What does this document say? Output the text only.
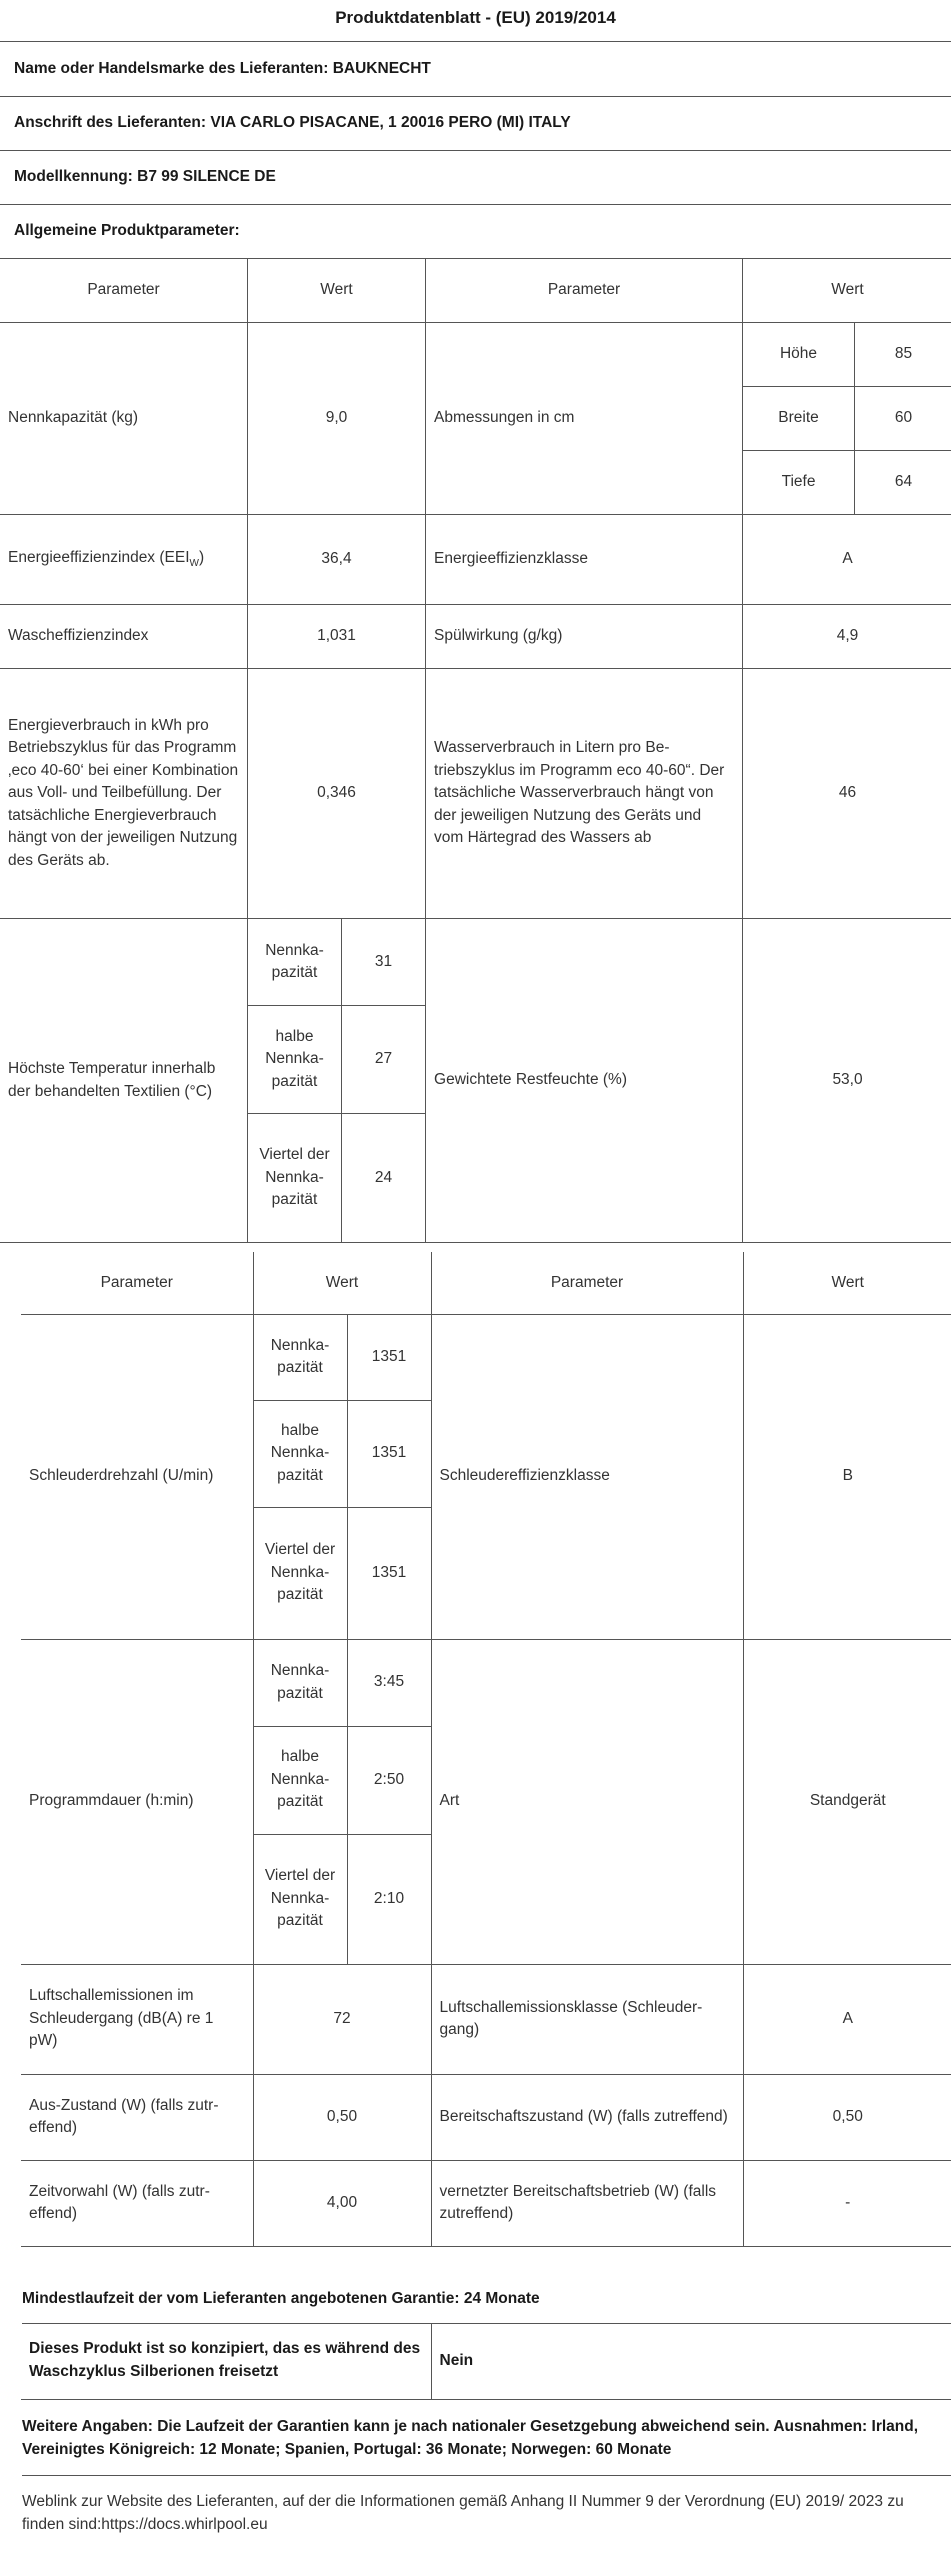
Produktdatenblatt - (EU) 2019/2014
Name oder Handelsmarke des Lieferanten: BAUKNECHT
Anschrift des Lieferanten: VIA CARLO PISACANE, 1 20016 PERO (MI) ITALY
Modellkennung: B7 99 SILENCE DE
Allgemeine Produktparameter:
Parameter	Wert		Parameter	Wert	
Nennkapazität (kg)	9,0		Abmessungen in cm	Höhe	85
				Breite	60
				Tiefe	64
Energieeffizienzindex $(EEI_W)$	36,4		Energieeffizienzklasse	A	
Wascheffizienzindex	1,031		Spülwirkung (g/kg)	4,9	
Energieverbrauch in kWh pro Betriebszyklus für das Programm ‚eco 40-60‘ bei einer Kombination aus Voll- und Teilbefüllung. Der tatsächliche Energieverbrauch hängt von der jeweiligen Nutzung des Geräts ab.	0,346		Wasserverbrauch in Litern pro Betriebszyklus im Programm eco 40-60“. Der tatsächliche Wasserverbrauch hängt von der jeweiligen Nutzung des Geräts und vom Härtegrad des Wassers ab	46	
Höchste Temperatur innerhalb der behandelten Textilien (°C)	Nennkapazität	31	Gewichtete Restfeuchte (%)	53,0	
	halbe Nennkapazität	27			
	Viertel der Nennkapazität	24			
Parameter	Wert		Parameter	Wert
Schleuderdrehzahl (U/min)	Nennkapazität	1351	Schleudereffizienzklasse	B
	halbe Nennkapazität	1351		
	Viertel der Nennkapazität	1351		
Programmdauer (h:min)	Nennkapazität	3:45	Art	Standgerät
	halbe Nennkapazität	2:50		
	Viertel der Nennkapazität	2:10		
Luftschallemissionen im Schleudergang (dB(A) re 1 pW)	72		Luftschallemissionsklasse (Schleudergang)	A
Aus-Zustand (W) (falls zutreffend)	0,50		Bereitschaftszustand (W) (falls zutreffend)	0,50
Zeitvorwahl (W) (falls zutreffend)	4,00		vernetzter Bereitschaftsbetrieb (W) (falls zutreffend)	-
Mindestlaufzeit der vom Lieferanten angebotenen Garantie: 24 Monate
Dieses Produkt ist so konzipiert, das es während des Waschzyklus Silberionen freisetzt	Nein
Weitere Angaben: Die Laufzeit der Garantien kann je nach nationaler Gesetzgebung abweichend sein. Ausnahmen: Irland, Vereinigtes Königreich: 12 Monate; Spanien, Portugal: 36 Monate; Norwegen: 60 Monate
Weblink zur Website des Lieferanten, auf der die Informationen gemäß Anhang II Nummer 9 der Verordnung (EU) 2019/ 2023 zu finden sind:https://docs.whirlpool.eu
